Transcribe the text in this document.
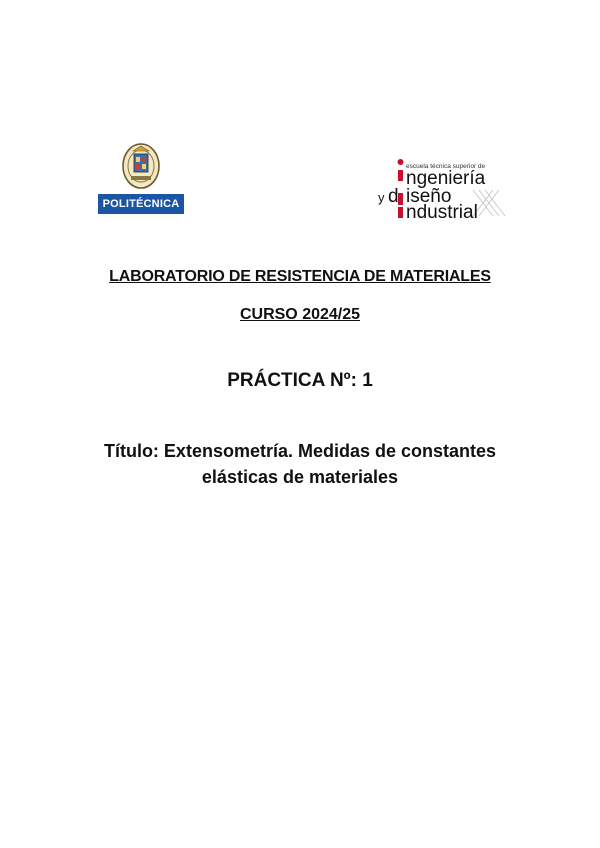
POLITÉCNICA
escuela técnica superior de
ngeniería
y d iseño
ndustrial
LABORATORIO DE RESISTENCIA DE MATERIALES
CURSO 2024/25
PRÁCTICA Nº: 1
Título: Extensometría. Medidas de constantes
elásticas de materiales
